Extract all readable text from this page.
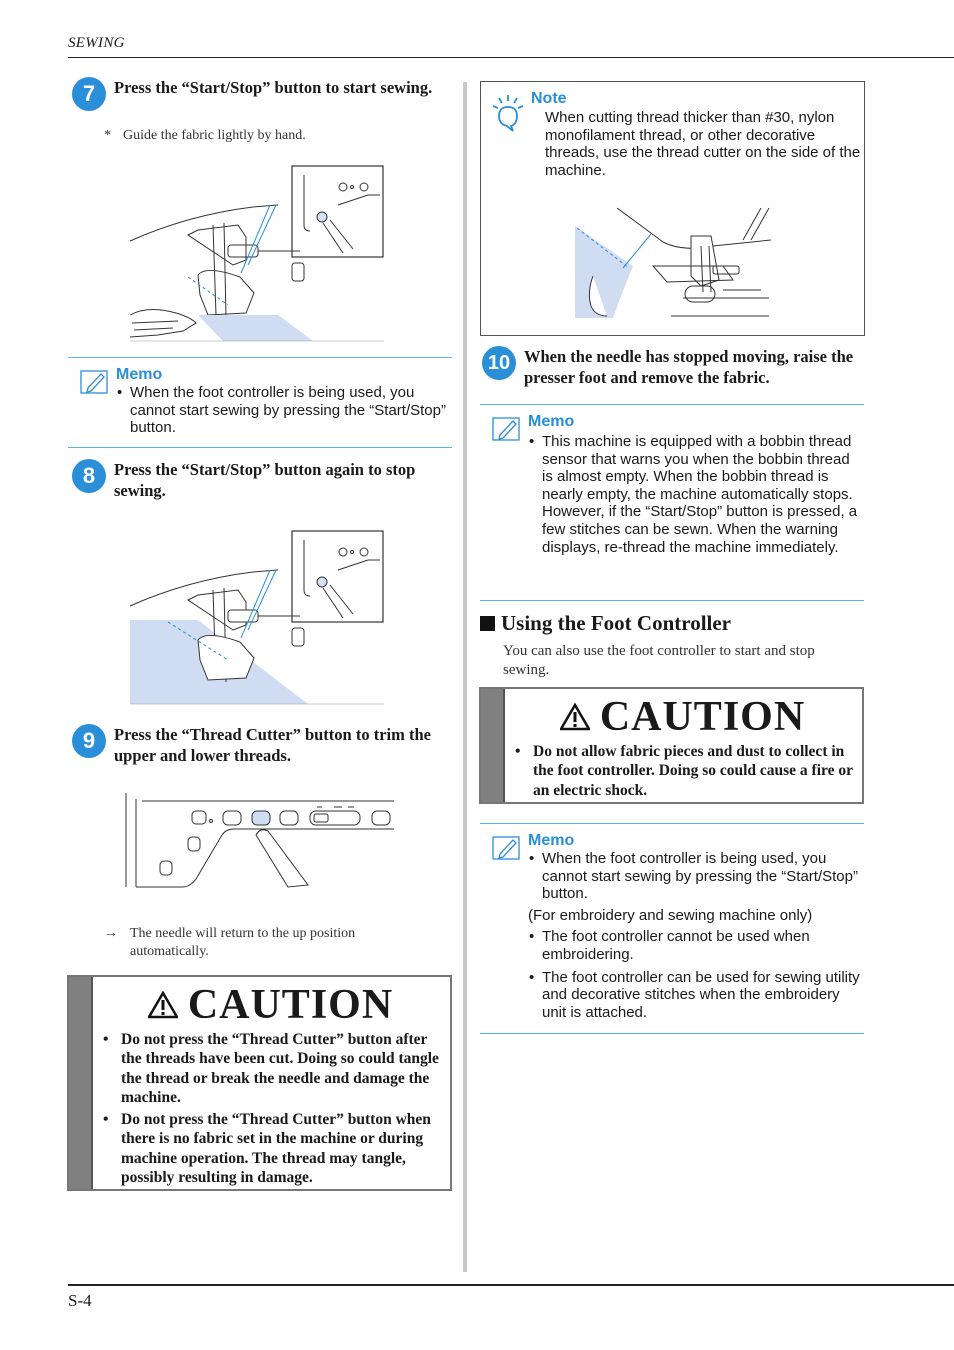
SEWING
S-4
7	Press the “Start/Stop” button to start sewing.
* Guide the fabric lightly by hand.
Memo
• When the foot controller is being used, you cannot start sewing by pressing the “Start/Stop” button.
8	Press the “Start/Stop” button again to stop sewing.
9	Press the “Thread Cutter” button to trim the upper and lower threads.
→ The needle will return to the up position automatically.
CAUTION
• Do not press the “Thread Cutter” button after the threads have been cut. Doing so could tangle the thread or break the needle and damage the machine.
• Do not press the “Thread Cutter” button when there is no fabric set in the machine or during machine operation. The thread may tangle, possibly resulting in damage.
Note
When cutting thread thicker than #30, nylon monofilament thread, or other decorative threads, use the thread cutter on the side of the machine.
10 When the needle has stopped moving, raise the presser foot and remove the fabric.
Memo
• This machine is equipped with a bobbin thread sensor that warns you when the bobbin thread is almost empty. When the bobbin thread is nearly empty, the machine automatically stops. However, if the “Start/Stop” button is pressed, a few stitches can be sewn. When the warning displays, re-thread the machine immediately.
Using the Foot Controller
You can also use the foot controller to start and stop sewing.
CAUTION
• Do not allow fabric pieces and dust to collect in the foot controller. Doing so could cause a fire or an electric shock.
Memo
• When the foot controller is being used, you cannot start sewing by pressing the “Start/Stop” button.
(For embroidery and sewing machine only)
• The foot controller cannot be used when embroidering.
• The foot controller can be used for sewing utility and decorative stitches when the embroidery unit is attached.
